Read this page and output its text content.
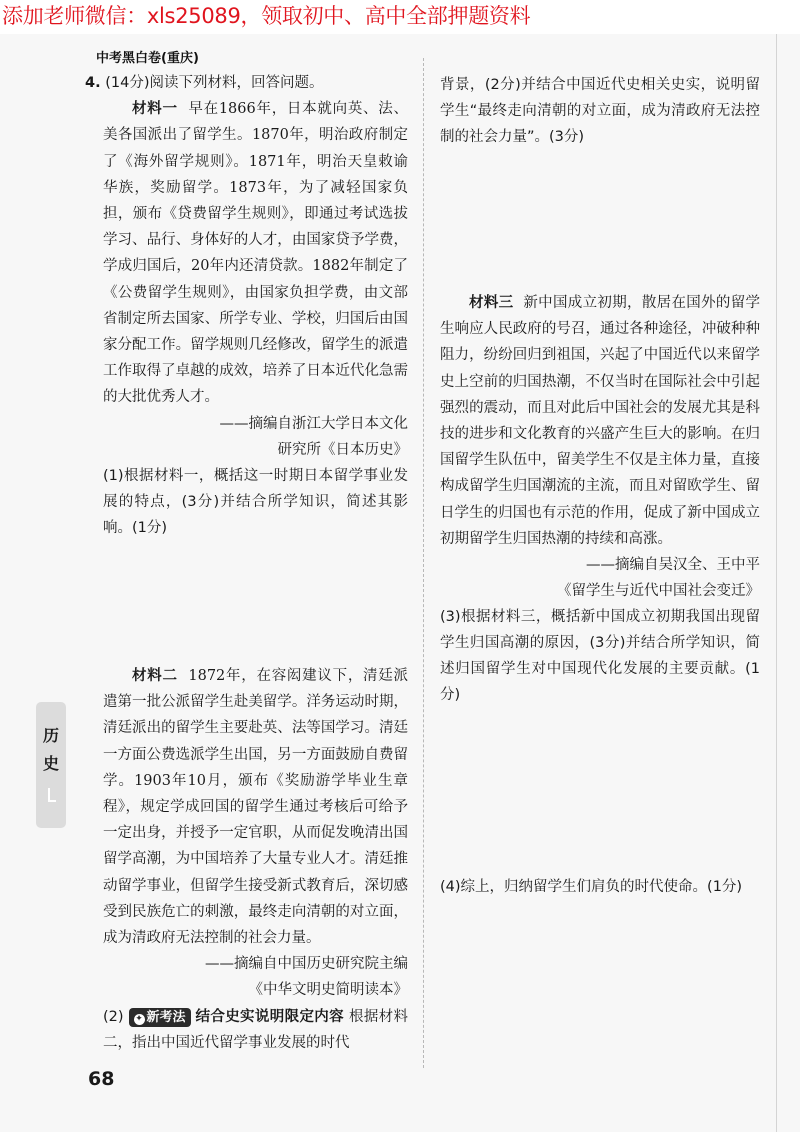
添加老师微信：xls25089，领取初中、高中全部押题资料
中考黑白卷(重庆)
4. (14分)阅读下列材料，回答问题。
材料一 早在1866年，日本就向英、法、美各国派出了留学生。1870年，明治政府制定了《海外留学规则》。1871年，明治天皇敕谕华族，奖励留学。1873年，为了减轻国家负担，颁布《贷费留学生规则》，即通过考试选拔学习、品行、身体好的人才，由国家贷予学费，学成归国后，20年内还清贷款。1882年制定了《公费留学生规则》，由国家负担学费，由文部省制定所去国家、所学专业、学校，归国后由国家分配工作。留学规则几经修改，留学生的派遣工作取得了卓越的成效，培养了日本近代化急需的大批优秀人才。
——摘编自浙江大学日本文化
研究所《日本历史》
(1)根据材料一，概括这一时期日本留学事业发展的特点，(3分)并结合所学知识，简述其影响。(1分)
材料二 1872年，在容闳建议下，清廷派遣第一批公派留学生赴美留学。洋务运动时期，清廷派出的留学生主要赴英、法等国学习。清廷一方面公费选派学生出国，另一方面鼓励自费留学。1903年10月，颁布《奖励游学毕业生章程》，规定学成回国的留学生通过考核后可给予一定出身，并授予一定官职，从而促发晚清出国留学高潮，为中国培养了大量专业人才。清廷推动留学事业，但留学生接受新式教育后，深切感受到民族危亡的刺激，最终走向清朝的对立面，成为清政府无法控制的社会力量。
——摘编自中国历史研究院主编
《中华文明史简明读本》
(2) ✦ 新考法 结合史实说明限定内容 根据材料二，指出中国近代留学事业发展的时代
背景，(2分)并结合中国近代史相关史实，说明留学生“最终走向清朝的对立面，成为清政府无法控制的社会力量”。(3分)
材料三 新中国成立初期，散居在国外的留学生响应人民政府的号召，通过各种途径，冲破种种阻力，纷纷回归到祖国，兴起了中国近代以来留学史上空前的归国热潮，不仅当时在国际社会中引起强烈的震动，而且对此后中国社会的发展尤其是科技的进步和文化教育的兴盛产生巨大的影响。在归国留学生队伍中，留美学生不仅是主体力量，直接构成留学生归国潮流的主流，而且对留欧学生、留日学生的归国也有示范的作用，促成了新中国成立初期留学生归国热潮的持续和高涨。
——摘编自吴汉全、王中平
《留学生与近代中国社会变迁》
(3)根据材料三，概括新中国成立初期我国出现留学生归国高潮的原因，(3分)并结合所学知识，简述归国留学生对中国现代化发展的主要贡献。(1分)
(4)综上，归纳留学生们肩负的时代使命。(1分)
历
史
68
